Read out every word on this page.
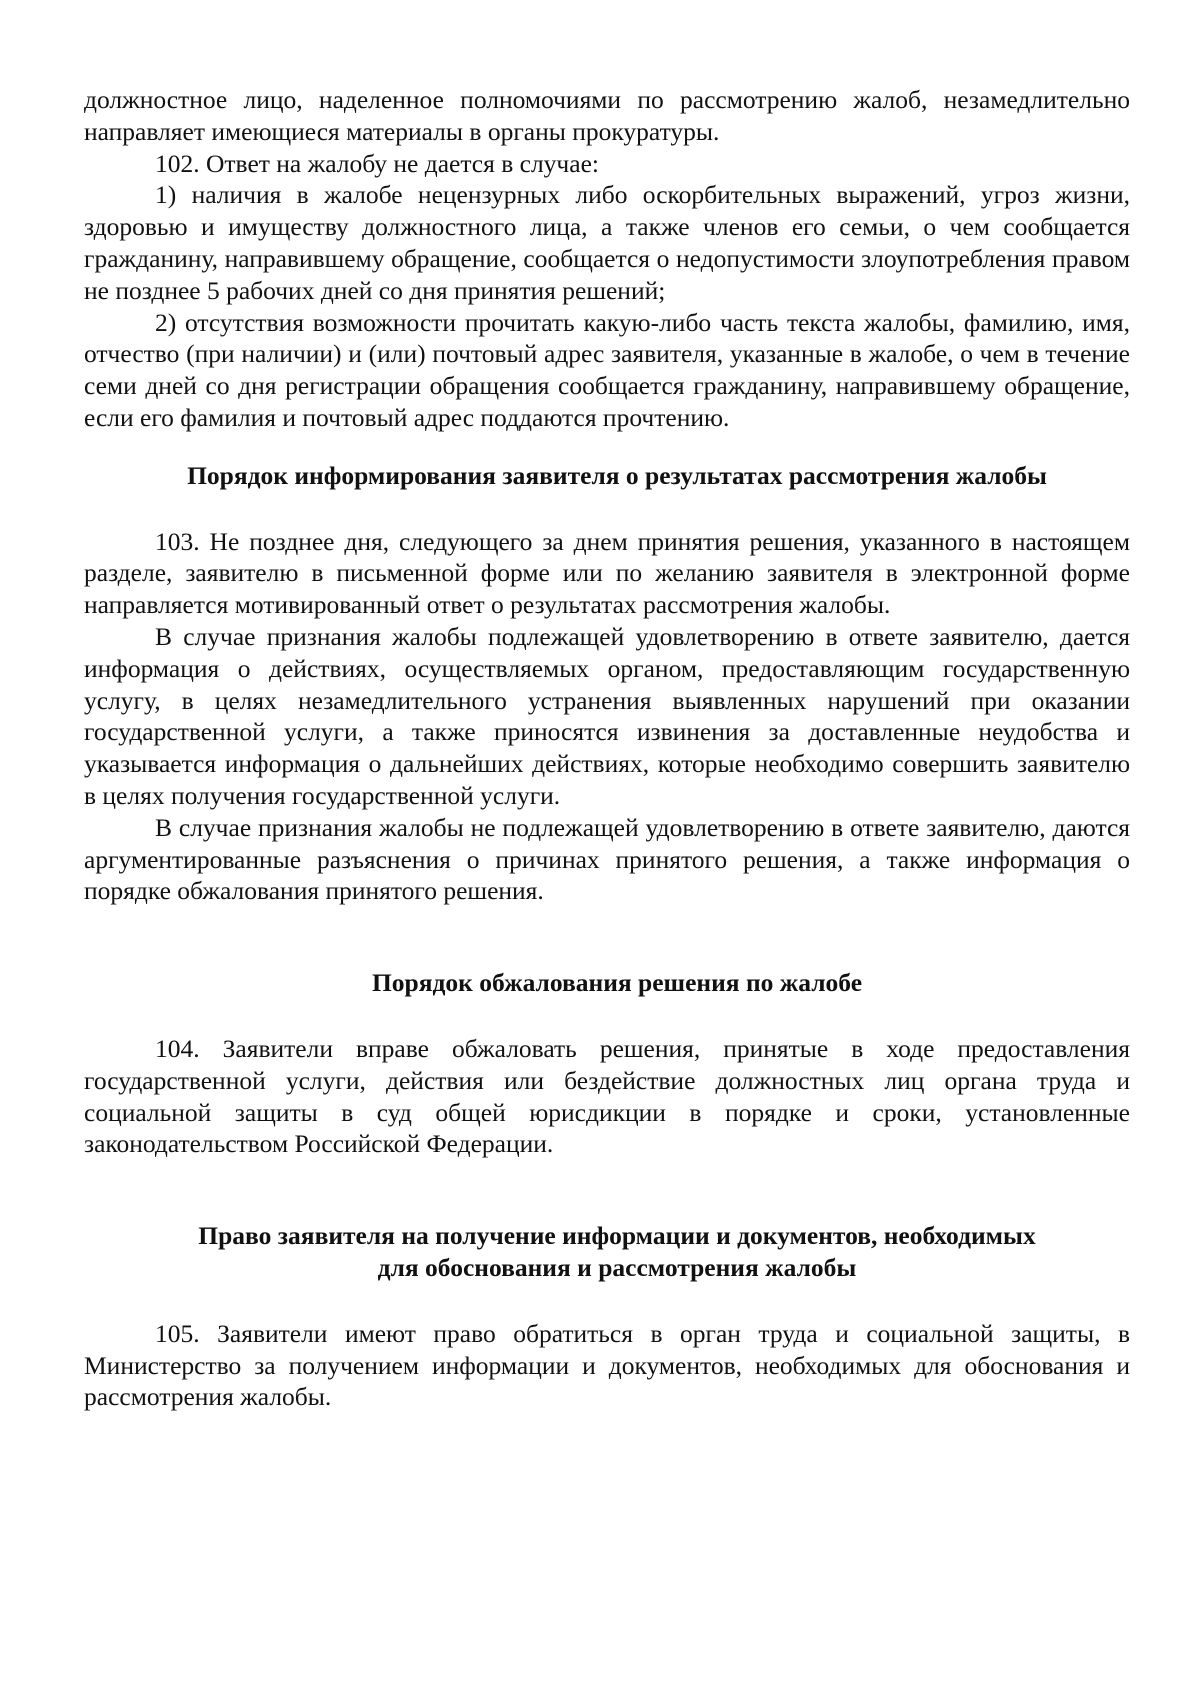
должностное лицо, наделенное полномочиями по рассмотрению жалоб, незамедлительно направляет имеющиеся материалы в органы прокуратуры.

102. Ответ на жалобу не дается в случае:

1) наличия в жалобе нецензурных либо оскорбительных выражений, угроз жизни, здоровью и имуществу должностного лица, а также членов его семьи, о чем сообщается гражданину, направившему обращение, сообщается о недопустимости злоупотребления правом не позднее 5 рабочих дней со дня принятия решений;

2) отсутствия возможности прочитать какую-либо часть текста жалобы, фамилию, имя, отчество (при наличии) и (или) почтовый адрес заявителя, указанные в жалобе, о чем в течение семи дней со дня регистрации обращения сообщается гражданину, направившему обращение, если его фамилия и почтовый адрес поддаются прочтению.

Порядок информирования заявителя о результатах рассмотрения жалобы

103. Не позднее дня, следующего за днем принятия решения, указанного в настоящем разделе, заявителю в письменной форме или по желанию заявителя в электронной форме направляется мотивированный ответ о результатах рассмотрения жалобы.

В случае признания жалобы подлежащей удовлетворению в ответе заявителю, дается информация о действиях, осуществляемых органом, предоставляющим государственную услугу, в целях незамедлительного устранения выявленных нарушений при оказании государственной услуги, а также приносятся извинения за доставленные неудобства и указывается информация о дальнейших действиях, которые необходимо совершить заявителю в целях получения государственной услуги.

В случае признания жалобы не подлежащей удовлетворению в ответе заявителю, даются аргументированные разъяснения о причинах принятого решения, а также информация о порядке обжалования принятого решения.

Порядок обжалования решения по жалобе

104. Заявители вправе обжаловать решения, принятые в ходе предоставления государственной услуги, действия или бездействие должностных лиц органа труда и социальной защиты в суд общей юрисдикции в порядке и сроки, установленные законодательством Российской Федерации.

Право заявителя на получение информации и документов, необходимых
для обоснования и рассмотрения жалобы

105. Заявители имеют право обратиться в орган труда и социальной защиты, в Министерство за получением информации и документов, необходимых для обоснования и рассмотрения жалобы.
